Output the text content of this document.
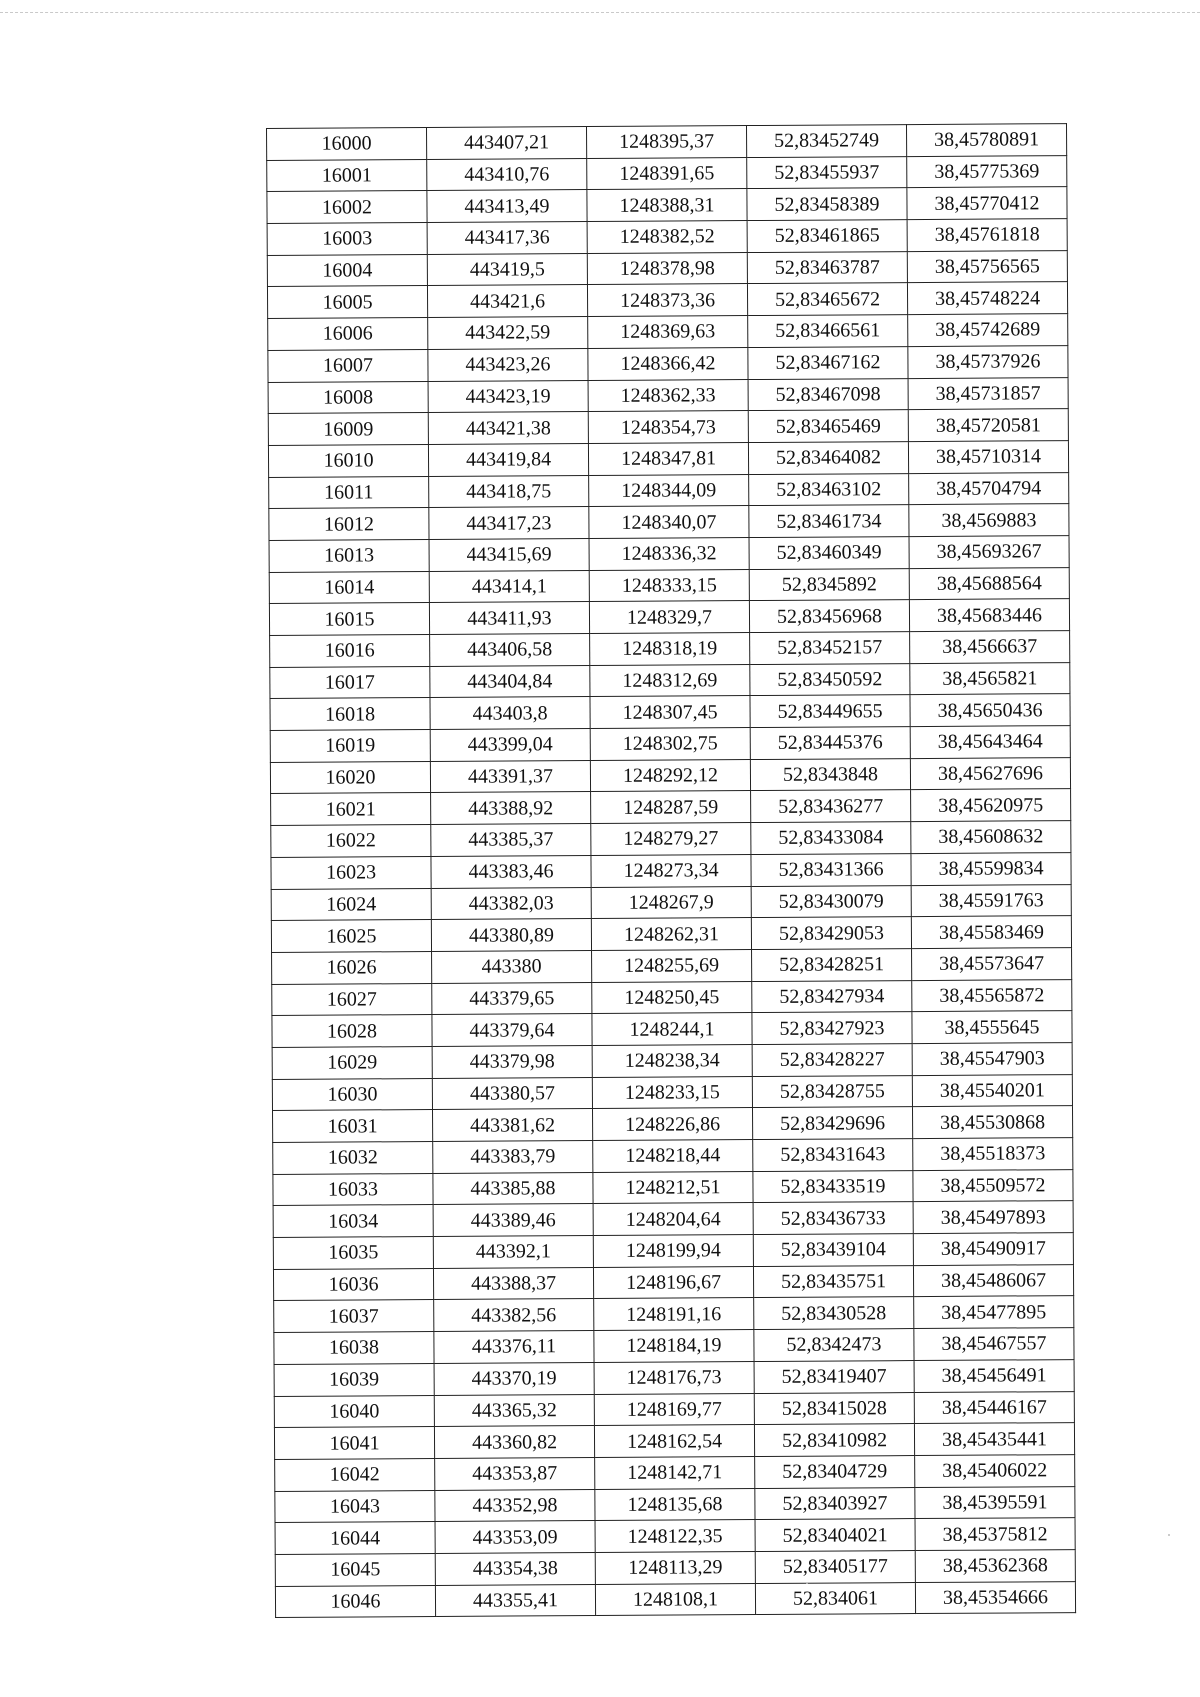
16000	443407,21	1248395,37	52,83452749	38,45780891
16001	443410,76	1248391,65	52,83455937	38,45775369
16002	443413,49	1248388,31	52,83458389	38,45770412
16003	443417,36	1248382,52	52,83461865	38,45761818
16004	443419,5	1248378,98	52,83463787	38,45756565
16005	443421,6	1248373,36	52,83465672	38,45748224
16006	443422,59	1248369,63	52,83466561	38,45742689
16007	443423,26	1248366,42	52,83467162	38,45737926
16008	443423,19	1248362,33	52,83467098	38,45731857
16009	443421,38	1248354,73	52,83465469	38,45720581
16010	443419,84	1248347,81	52,83464082	38,45710314
16011	443418,75	1248344,09	52,83463102	38,45704794
16012	443417,23	1248340,07	52,83461734	38,4569883
16013	443415,69	1248336,32	52,83460349	38,45693267
16014	443414,1	1248333,15	52,8345892	38,45688564
16015	443411,93	1248329,7	52,83456968	38,45683446
16016	443406,58	1248318,19	52,83452157	38,4566637
16017	443404,84	1248312,69	52,83450592	38,4565821
16018	443403,8	1248307,45	52,83449655	38,45650436
16019	443399,04	1248302,75	52,83445376	38,45643464
16020	443391,37	1248292,12	52,8343848	38,45627696
16021	443388,92	1248287,59	52,83436277	38,45620975
16022	443385,37	1248279,27	52,83433084	38,45608632
16023	443383,46	1248273,34	52,83431366	38,45599834
16024	443382,03	1248267,9	52,83430079	38,45591763
16025	443380,89	1248262,31	52,83429053	38,45583469
16026	443380	1248255,69	52,83428251	38,45573647
16027	443379,65	1248250,45	52,83427934	38,45565872
16028	443379,64	1248244,1	52,83427923	38,4555645
16029	443379,98	1248238,34	52,83428227	38,45547903
16030	443380,57	1248233,15	52,83428755	38,45540201
16031	443381,62	1248226,86	52,83429696	38,45530868
16032	443383,79	1248218,44	52,83431643	38,45518373
16033	443385,88	1248212,51	52,83433519	38,45509572
16034	443389,46	1248204,64	52,83436733	38,45497893
16035	443392,1	1248199,94	52,83439104	38,45490917
16036	443388,37	1248196,67	52,83435751	38,45486067
16037	443382,56	1248191,16	52,83430528	38,45477895
16038	443376,11	1248184,19	52,8342473	38,45467557
16039	443370,19	1248176,73	52,83419407	38,45456491
16040	443365,32	1248169,77	52,83415028	38,45446167
16041	443360,82	1248162,54	52,83410982	38,45435441
16042	443353,87	1248142,71	52,83404729	38,45406022
16043	443352,98	1248135,68	52,83403927	38,45395591
16044	443353,09	1248122,35	52,83404021	38,45375812
16045	443354,38	1248113,29	52,83405177	38,45362368
16046	443355,41	1248108,1	52,834061	38,45354666
